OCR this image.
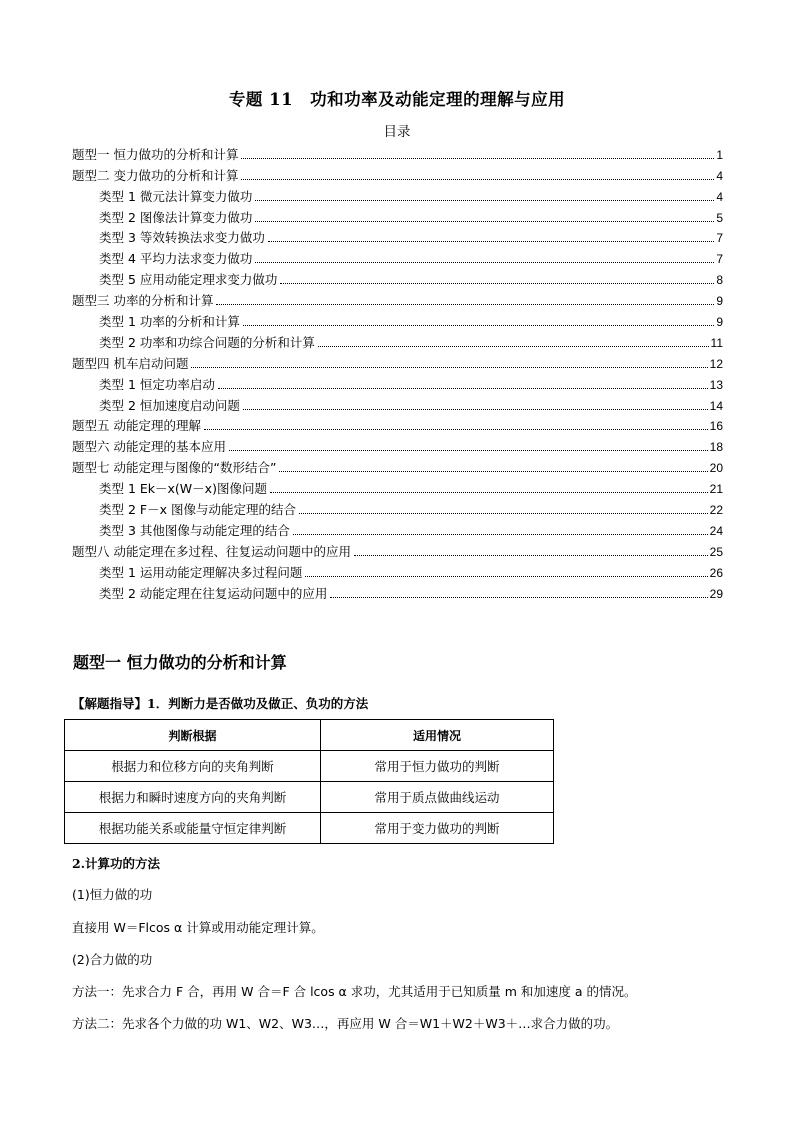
专题 11　功和功率及动能定理的理解与应用
目录
题型一 恒力做功的分析和计算	1
题型二 变力做功的分析和计算	4
类型 1 微元法计算变力做功	4
类型 2 图像法计算变力做功	5
类型 3 等效转换法求变力做功	7
类型 4 平均力法求变力做功	7
类型 5 应用动能定理求变力做功	8
题型三 功率的分析和计算	9
类型 1 功率的分析和计算	9
类型 2 功率和功综合问题的分析和计算	11
题型四 机车启动问题	12
类型 1 恒定功率启动	13
类型 2 恒加速度启动问题	14
题型五 动能定理的理解	16
题型六 动能定理的基本应用	18
题型七 动能定理与图像的“数形结合”	20
类型 1 Ek－x(W－x)图像问题	21
类型 2 F－x 图像与动能定理的结合	22
类型 3 其他图像与动能定理的结合	24
题型八 动能定理在多过程、往复运动问题中的应用	25
类型 1 运用动能定理解决多过程问题	26
类型 2 动能定理在往复运动问题中的应用	29
题型一 恒力做功的分析和计算
【解题指导】1．判断力是否做功及做正、负功的方法
判断根据	适用情况
根据力和位移方向的夹角判断	常用于恒力做功的判断
根据力和瞬时速度方向的夹角判断	常用于质点做曲线运动
根据功能关系或能量守恒定律判断	常用于变力做功的判断
2.计算功的方法
(1)恒力做的功
直接用 W＝Flcos α 计算或用动能定理计算。
(2)合力做的功
方法一：先求合力 F 合，再用 W 合＝F 合 lcos α 求功，尤其适用于已知质量 m 和加速度 a 的情况。
方法二：先求各个力做的功 W1、W2、W3…，再应用 W 合＝W1＋W2＋W3＋…求合力做的功。
